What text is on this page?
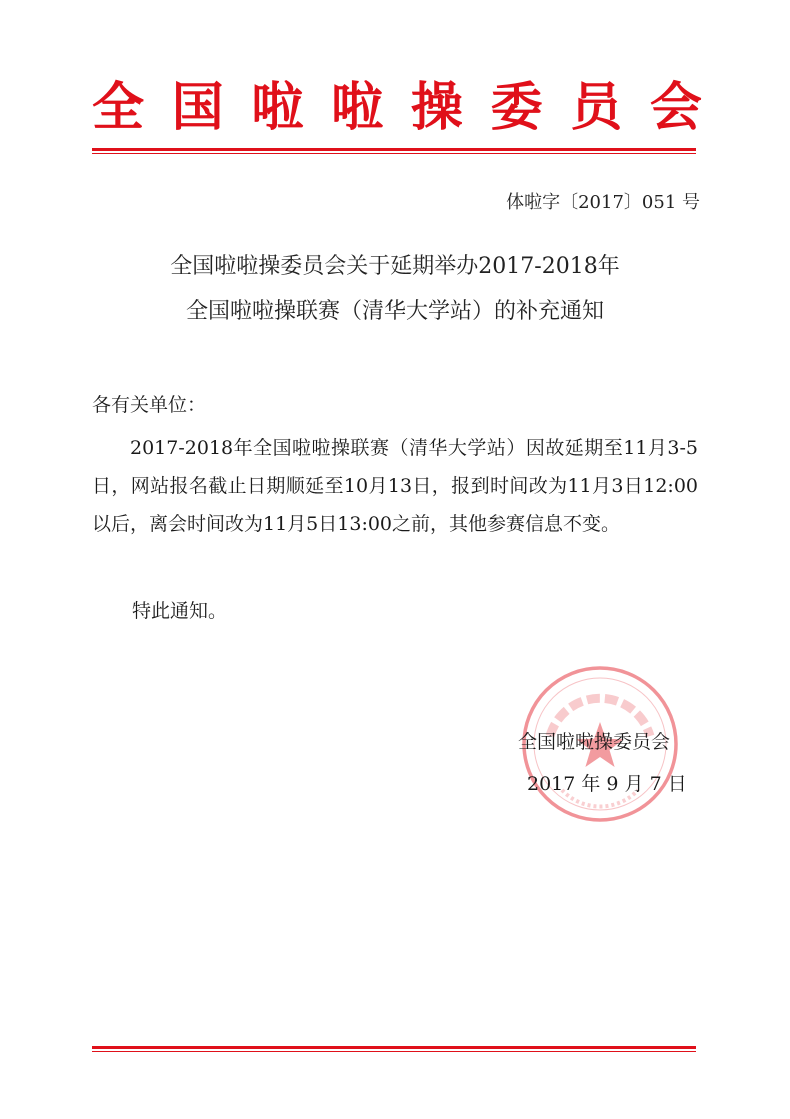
全 国 啦 啦 操 委 员 会
体啦字〔2017〕051 号
全国啦啦操委员会关于延期举办2017-2018年
全国啦啦操联赛（清华大学站）的补充通知
各有关单位：

2017-2018年全国啦啦操联赛（清华大学站）因故延期至11月3-5日，网站报名截止日期顺延至10月13日，报到时间改为11月3日12:00以后，离会时间改为11月5日13:00之前，其他参赛信息不变。

特此通知。
全国啦啦操委员会
2017 年 9 月 7 日
